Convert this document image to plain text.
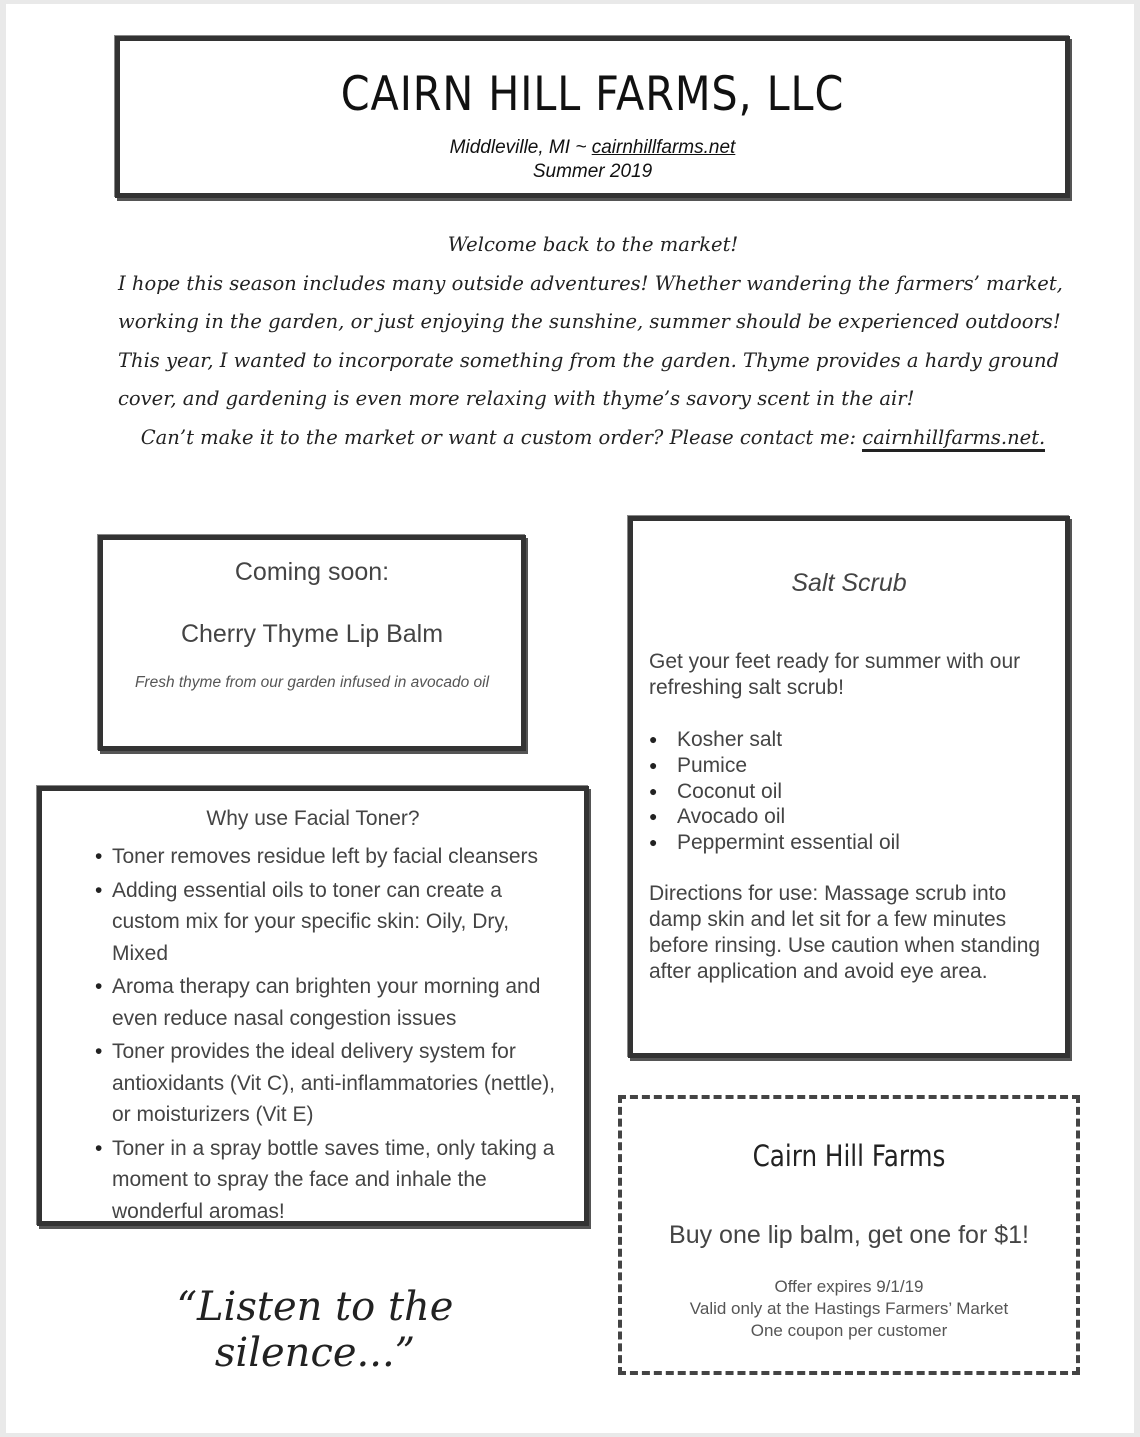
CAIRN HILL FARMS, LLC
Middleville, MI ~ cairnhillfarms.net
Summer 2019
Welcome back to the market!
I hope this season includes many outside adventures! Whether wandering the farmers’ market, working in the garden, or just enjoying the sunshine, summer should be experienced outdoors! This year, I wanted to incorporate something from the garden. Thyme provides a hardy ground cover, and gardening is even more relaxing with thyme’s savory scent in the air!
Can’t make it to the market or want a custom order? Please contact me: cairnhillfarms.net.
Coming soon:
Cherry Thyme Lip Balm
Fresh thyme from our garden infused in avocado oil
Why use Facial Toner?
• Toner removes residue left by facial cleansers
• Adding essential oils to toner can create a custom mix for your specific skin: Oily, Dry, Mixed
• Aroma therapy can brighten your morning and even reduce nasal congestion issues
• Toner provides the ideal delivery system for antioxidants (Vit C), anti-inflammatories (nettle), or moisturizers (Vit E)
• Toner in a spray bottle saves time, only taking a moment to spray the face and inhale the wonderful aromas!
Salt Scrub
Get your feet ready for summer with our refreshing salt scrub!
● Kosher salt
● Pumice
● Coconut oil
● Avocado oil
● Peppermint essential oil
Directions for use: Massage scrub into damp skin and let sit for a few minutes before rinsing. Use caution when standing after application and avoid eye area.
“Listen to the silence...”
Cairn Hill Farms
Buy one lip balm, get one for $1!
Offer expires 9/1/19
Valid only at the Hastings Farmers’ Market
One coupon per customer
